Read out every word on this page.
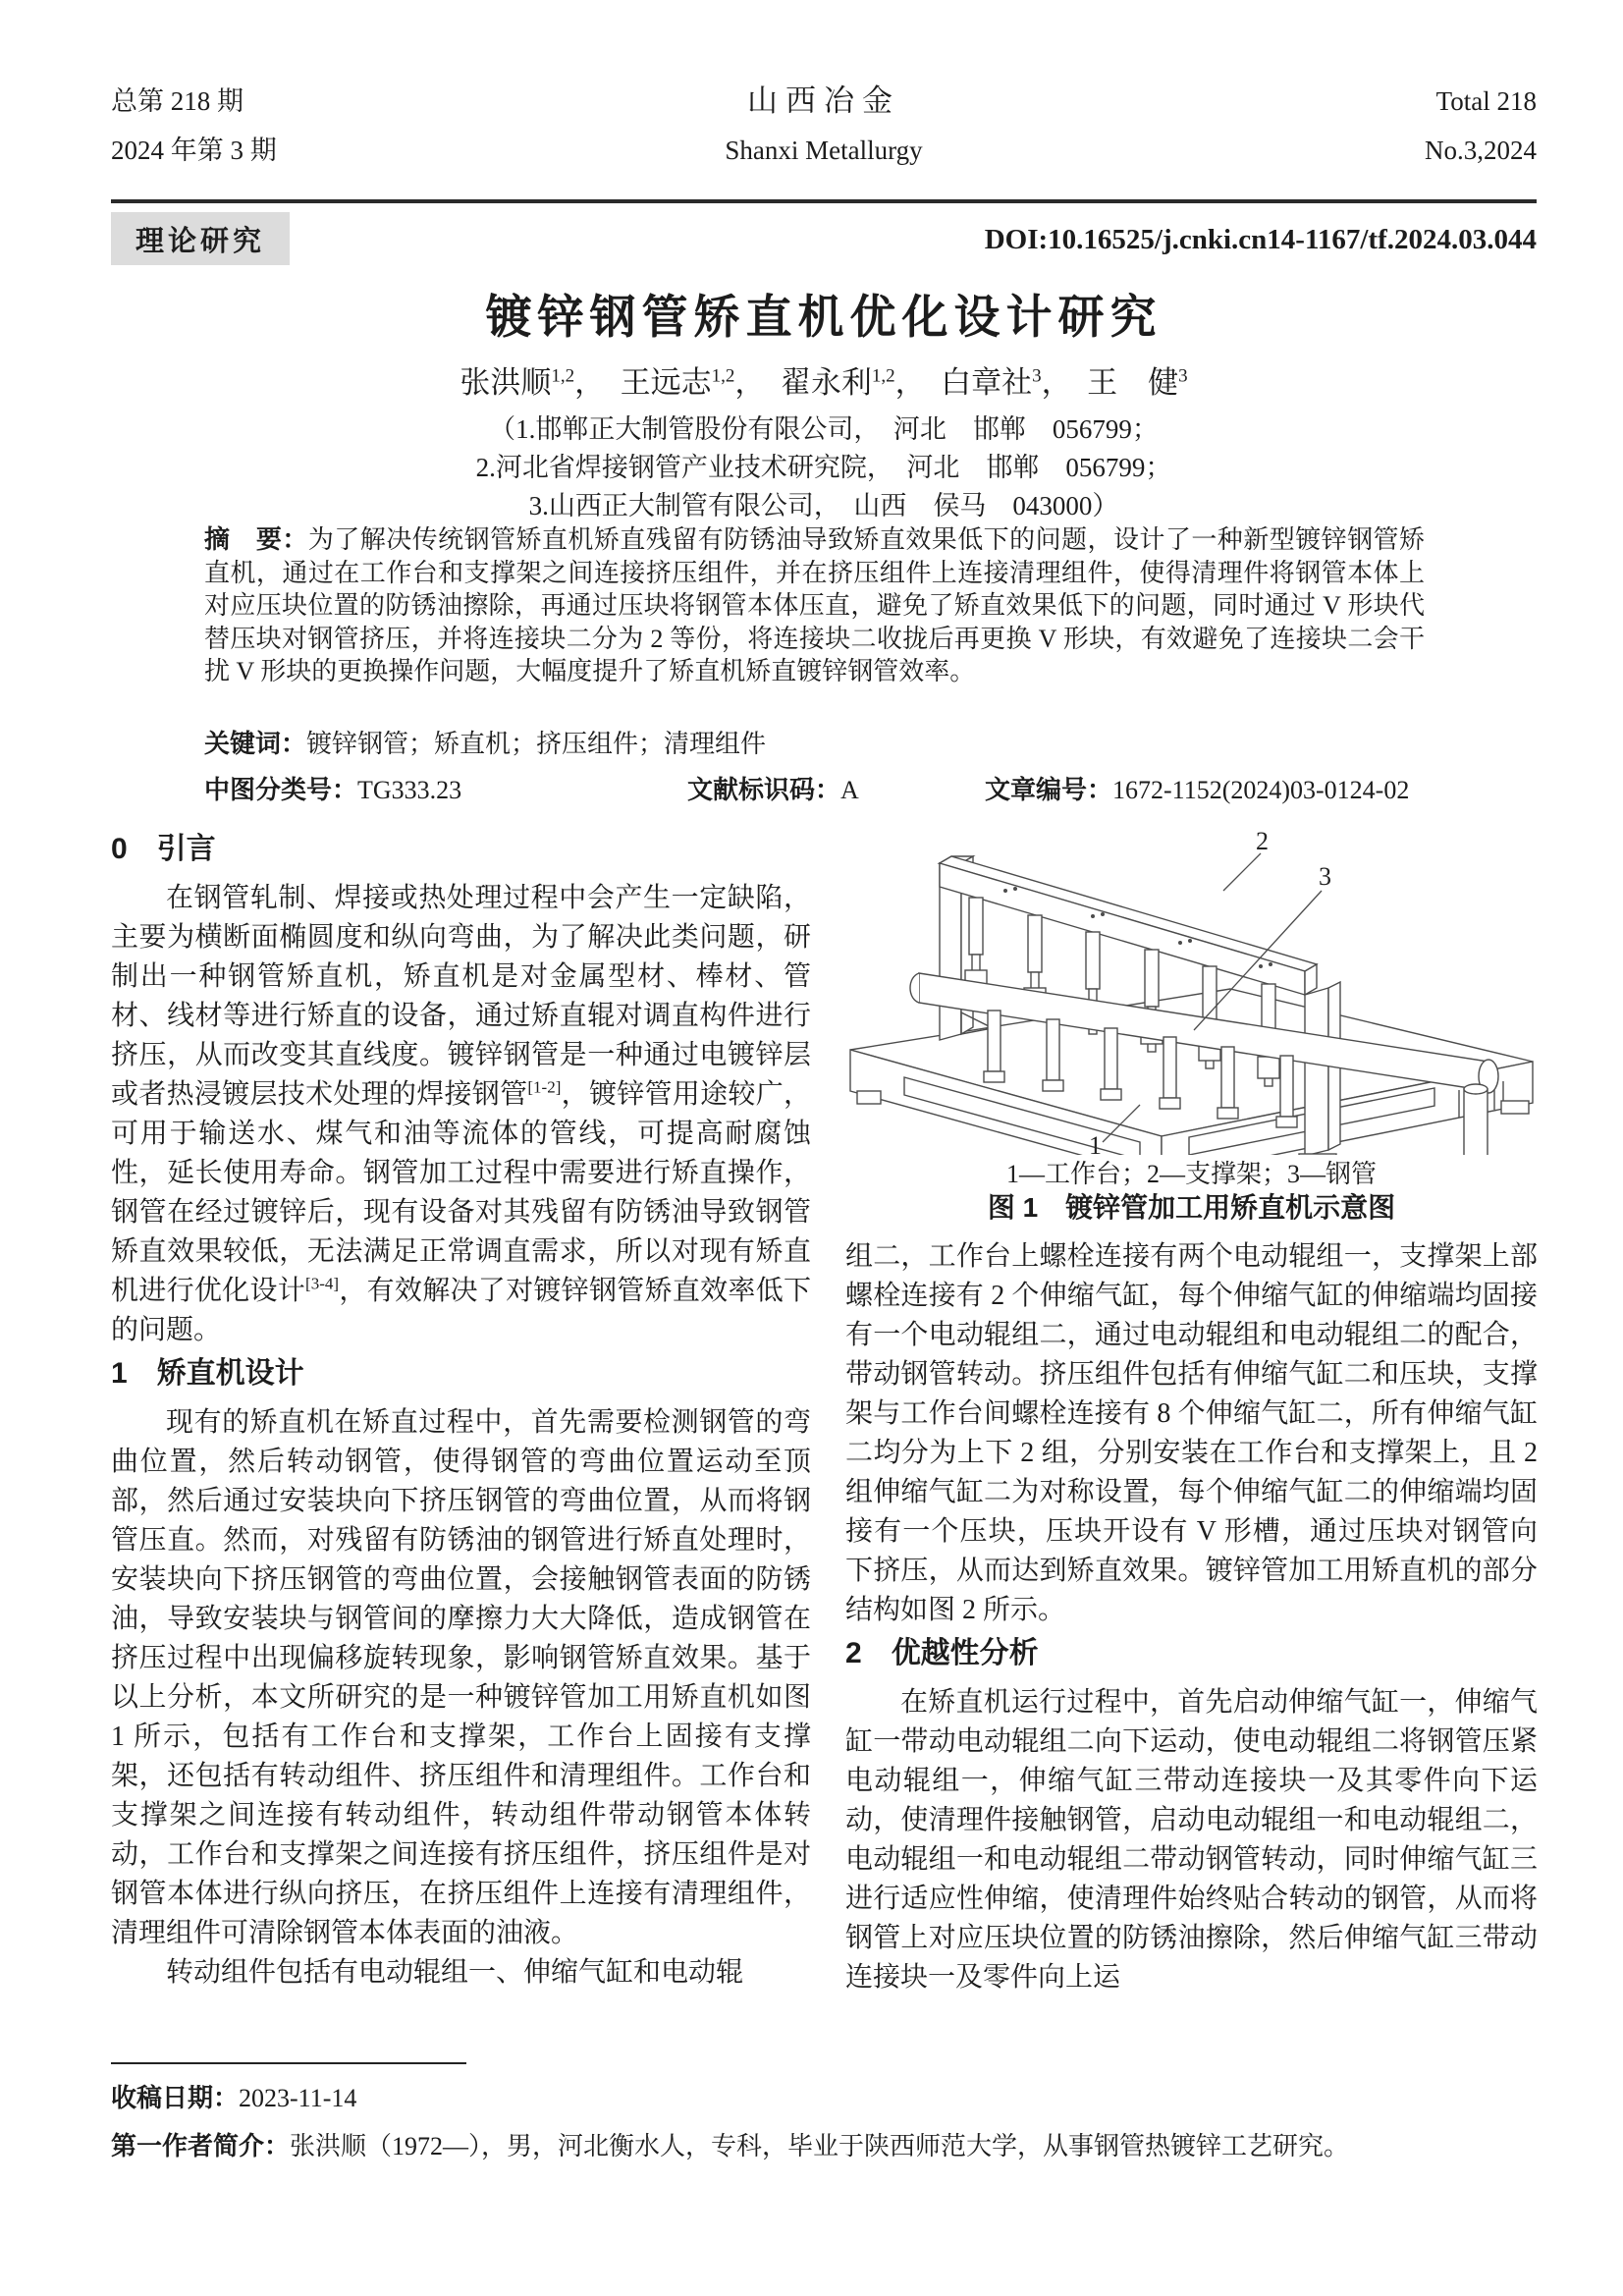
总第 218 期
2024 年第 3 期
山西冶金
Shanxi Metallurgy
Total 218
No.3,2024
理论研究	DOI:10.16525/j.cnki.cn14-1167/tf.2024.03.044
镀锌钢管矫直机优化设计研究
张洪顺$^{1,2}$，　王远志$^{1,2}$，　翟永利$^{1,2}$，　白章社$^3$，　王　健$^3$
（1.邯郸正大制管股份有限公司，　河北　邯郸　056799；
2.河北省焊接钢管产业技术研究院，　河北　邯郸　056799；
3.山西正大制管有限公司，　山西　侯马　043000）
摘　要：为了解决传统钢管矫直机矫直残留有防锈油导致矫直效果低下的问题，设计了一种新型镀锌钢管矫直机，通过在工作台和支撑架之间连接挤压组件，并在挤压组件上连接清理组件，使得清理件将钢管本体上对应压块位置的防锈油擦除，再通过压块将钢管本体压直，避免了矫直效果低下的问题，同时通过 V 形块代替压块对钢管挤压，并将连接块二分为 2 等份，将连接块二收拢后再更换 V 形块，有效避免了连接块二会干扰 V 形块的更换操作问题，大幅度提升了矫直机矫直镀锌钢管效率。
关键词：镀锌钢管；矫直机；挤压组件；清理组件
中图分类号：TG333.23	文献标识码：A	文章编号：1672-1152(2024)03-0124-02
0 引言

在钢管轧制、焊接或热处理过程中会产生一定缺陷，主要为横断面椭圆度和纵向弯曲，为了解决此类问题，研制出一种钢管矫直机，矫直机是对金属型材、棒材、管材、线材等进行矫直的设备，通过矫直辊对调直构件进行挤压，从而改变其直线度。镀锌钢管是一种通过电镀锌层或者热浸镀层技术处理的焊接钢管[1-2]，镀锌管用途较广，可用于输送水、煤气和油等流体的管线，可提高耐腐蚀性，延长使用寿命。钢管加工过程中需要进行矫直操作，钢管在经过镀锌后，现有设备对其残留有防锈油导致钢管矫直效果较低，无法满足正常调直需求，所以对现有矫直机进行优化设计[3-4]，有效解决了对镀锌钢管矫直效率低下的问题。

1 矫直机设计

现有的矫直机在矫直过程中，首先需要检测钢管的弯曲位置，然后转动钢管，使得钢管的弯曲位置运动至顶部，然后通过安装块向下挤压钢管的弯曲位置，从而将钢管压直。然而，对残留有防锈油的钢管进行矫直处理时，安装块向下挤压钢管的弯曲位置，会接触钢管表面的防锈油，导致安装块与钢管间的摩擦力大大降低，造成钢管在挤压过程中出现偏移旋转现象，影响钢管矫直效果。基于以上分析，本文所研究的是一种镀锌管加工用矫直机如图 1 所示，包括有工作台和支撑架，工作台上固接有支撑架，还包括有转动组件、挤压组件和清理组件。工作台和支撑架之间连接有转动组件，转动组件带动钢管本体转动，工作台和支撑架之间连接有挤压组件，挤压组件是对钢管本体进行纵向挤压，在挤压组件上连接有清理组件，清理组件可清除钢管本体表面的油液。

转动组件包括有电动辊组一、伸缩气缸和电动辊

2
3
1
1—工作台；2—支撑架；3—钢管
图 1　镀锌管加工用矫直机示意图

组二，工作台上螺栓连接有两个电动辊组一，支撑架上部螺栓连接有 2 个伸缩气缸，每个伸缩气缸的伸缩端均固接有一个电动辊组二，通过电动辊组和电动辊组二的配合，带动钢管转动。挤压组件包括有伸缩气缸二和压块，支撑架与工作台间螺栓连接有 8 个伸缩气缸二，所有伸缩气缸二均分为上下 2 组，分别安装在工作台和支撑架上，且 2 组伸缩气缸二为对称设置，每个伸缩气缸二的伸缩端均固接有一个压块，压块开设有 V 形槽，通过压块对钢管向下挤压，从而达到矫直效果。镀锌管加工用矫直机的部分结构如图 2 所示。

2 优越性分析

在矫直机运行过程中，首先启动伸缩气缸一，伸缩气缸一带动电动辊组二向下运动，使电动辊组二将钢管压紧电动辊组一，伸缩气缸三带动连接块一及其零件向下运动，使清理件接触钢管，启动电动辊组一和电动辊组二，电动辊组一和电动辊组二带动钢管转动，同时伸缩气缸三进行适应性伸缩，使清理件始终贴合转动的钢管，从而将钢管上对应压块位置的防锈油擦除，然后伸缩气缸三带动连接块一及零件向上运

收稿日期：2023-11-14
第一作者简介：张洪顺（1972—），男，河北衡水人，专科，毕业于陕西师范大学，从事钢管热镀锌工艺研究。
